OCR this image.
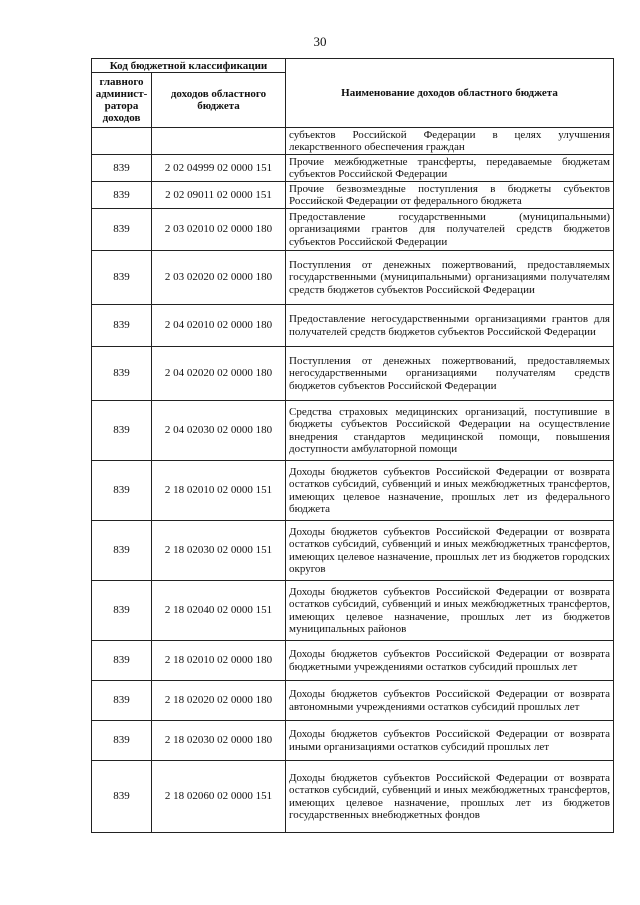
30
Код бюджетной классификации		Наименование доходов областного бюджета
главного админист-ратора доходов	доходов областного бюджета	
		субъектов Российской Федерации в целях улучшения лекарственного обеспечения граждан
839	2 02 04999 02 0000 151	Прочие межбюджетные трансферты, передаваемые бюджетам субъектов Российской Федерации
839	2 02 09011 02 0000 151	Прочие безвозмездные поступления в бюджеты субъектов Российской Федерации от федерального бюджета
839	2 03 02010 02 0000 180	Предоставление государственными (муниципальными) организациями грантов для получателей средств бюджетов субъектов Российской Федерации
839	2 03 02020 02 0000 180	Поступления от денежных пожертвований, предоставляемых государственными (муниципальными) организациями получателям средств бюджетов субъектов Российской Федерации
839	2 04 02010 02 0000 180	Предоставление негосударственными организациями грантов для получателей средств бюджетов субъектов Российской Федерации
839	2 04 02020 02 0000 180	Поступления от денежных пожертвований, предоставляемых негосударственными организациями получателям средств бюджетов субъектов Российской Федерации
839	2 04 02030 02 0000 180	Средства страховых медицинских организаций, поступившие в бюджеты субъектов Российской Федерации на осуществление внедрения стандартов медицинской помощи, повышения доступности амбулаторной помощи
839	2 18 02010 02 0000 151	Доходы бюджетов субъектов Российской Федерации от возврата остатков субсидий, субвенций и иных межбюджетных трансфертов, имеющих целевое назначение, прошлых лет из федерального бюджета
839	2 18 02030 02 0000 151	Доходы бюджетов субъектов Российской Федерации от возврата остатков субсидий, субвенций и иных межбюджетных трансфертов, имеющих целевое назначение, прошлых лет из бюджетов городских округов
839	2 18 02040 02 0000 151	Доходы бюджетов субъектов Российской Федерации от возврата остатков субсидий, субвенций и иных межбюджетных трансфертов, имеющих целевое назначение, прошлых лет из бюджетов муниципальных районов
839	2 18 02010 02 0000 180	Доходы бюджетов субъектов Российской Федерации от возврата бюджетными учреждениями остатков субсидий прошлых лет
839	2 18 02020 02 0000 180	Доходы бюджетов субъектов Российской Федерации от возврата автономными учреждениями остатков субсидий прошлых лет
839	2 18 02030 02 0000 180	Доходы бюджетов субъектов Российской Федерации от возврата иными организациями остатков субсидий прошлых лет
839	2 18 02060 02 0000 151	Доходы бюджетов субъектов Российской Федерации от возврата остатков субсидий, субвенций и иных межбюджетных трансфертов, имеющих целевое назначение, прошлых лет из бюджетов государственных внебюджетных фондов
